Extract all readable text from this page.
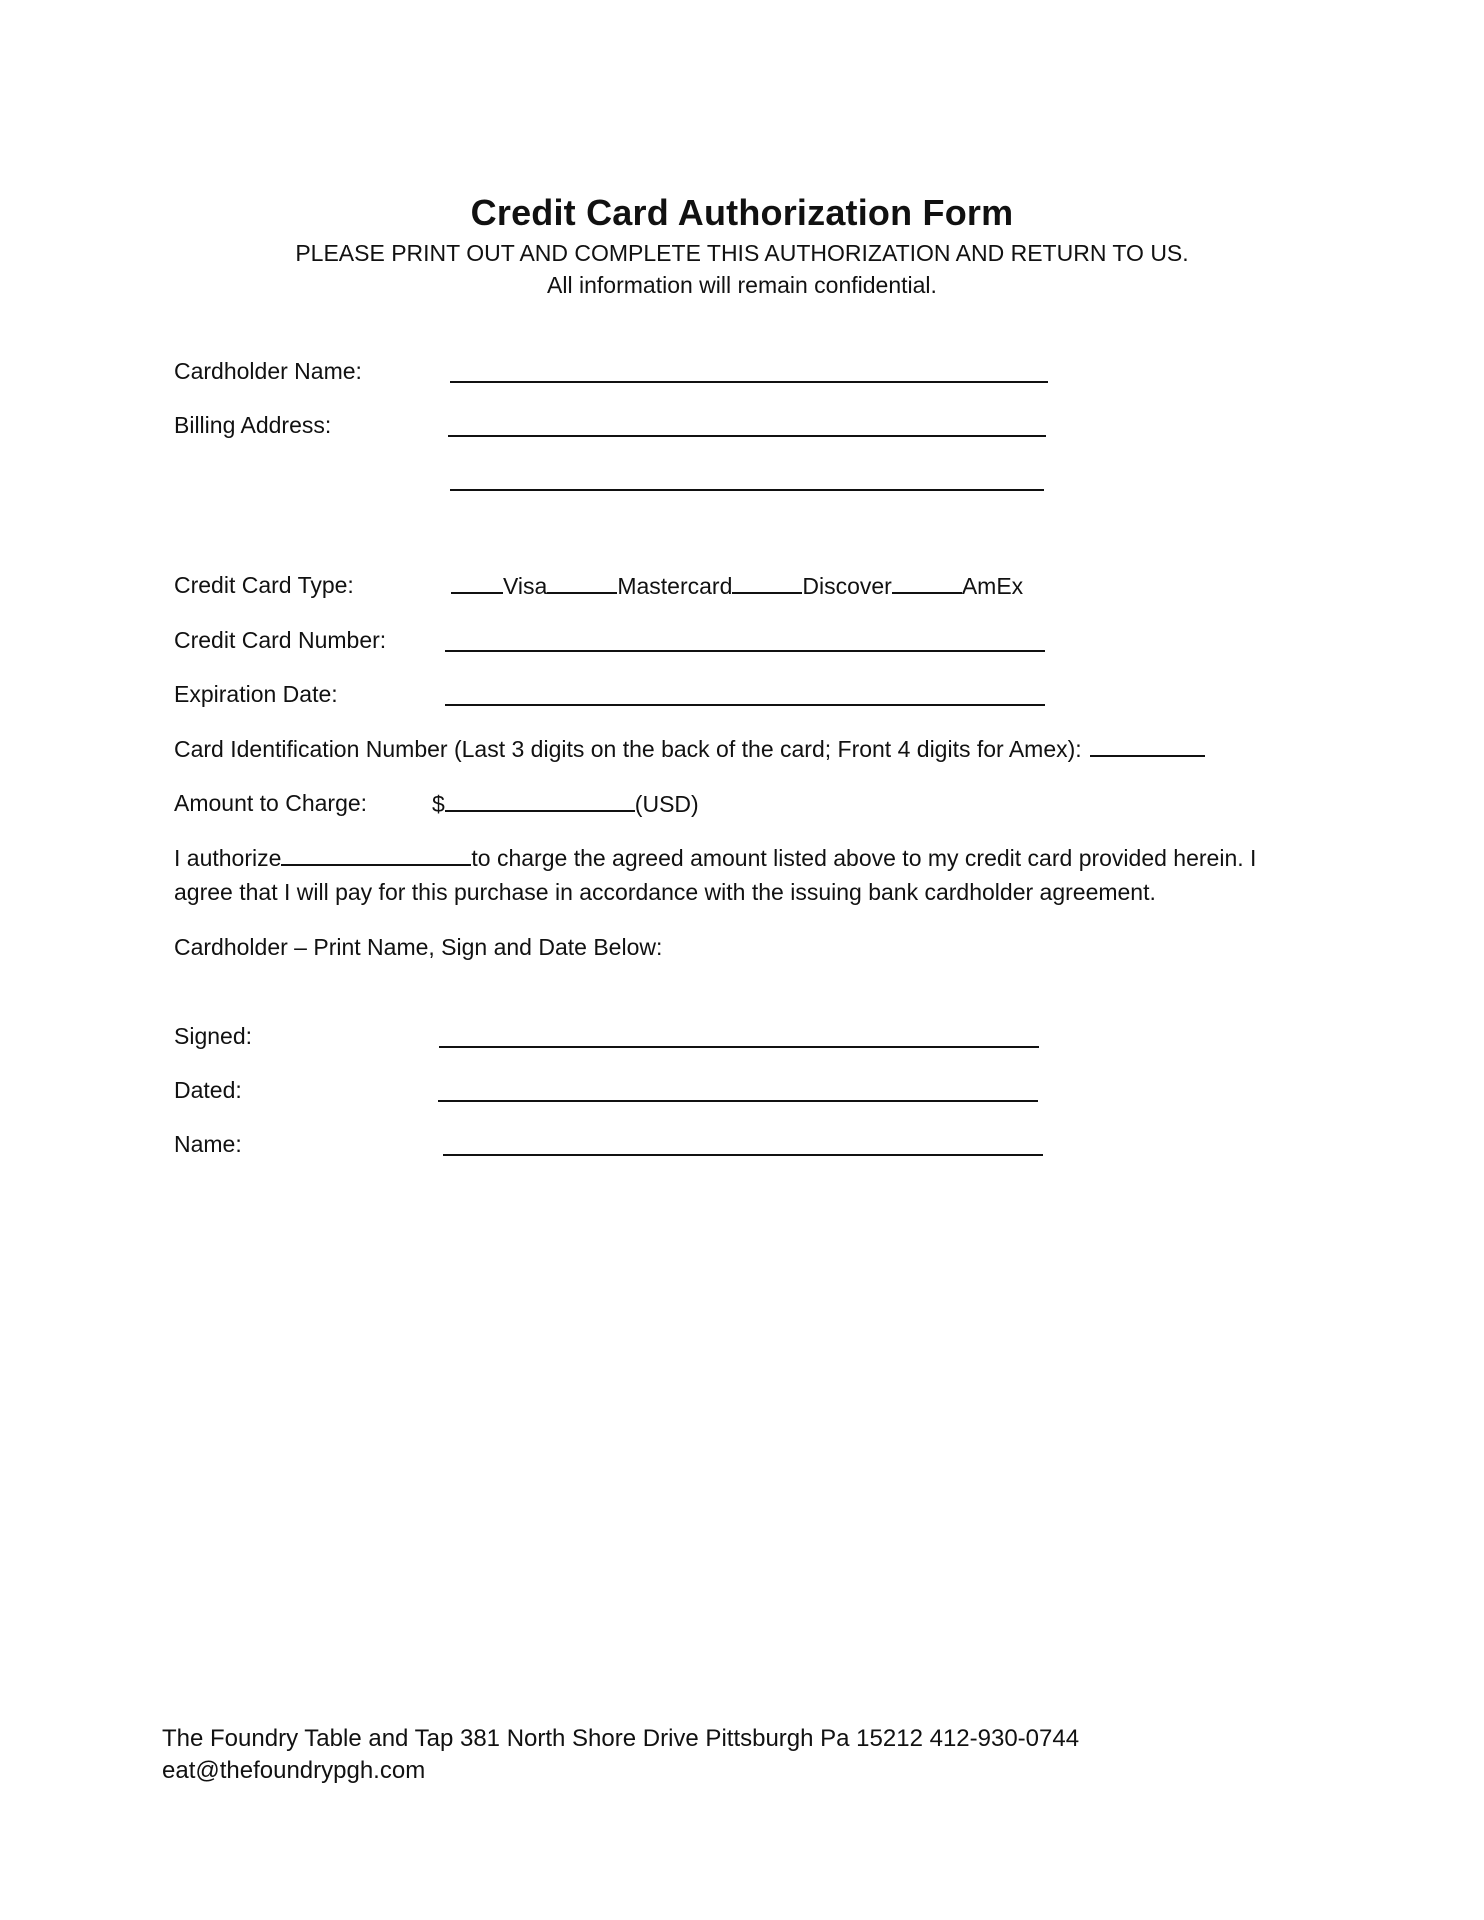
Credit Card Authorization Form
PLEASE PRINT OUT AND COMPLETE THIS AUTHORIZATION AND RETURN TO US.
All information will remain confidential.
Cardholder Name:
Billing Address:
Credit Card Type:	Visa	Mastercard	Discover	AmEx
Credit Card Number:
Expiration Date:
Card Identification Number (Last 3 digits on the back of the card; Front 4 digits for Amex):
Amount to Charge:	$	(USD)
I authorize	to charge the agreed amount listed above to my credit card provided herein. I
agree that I will pay for this purchase in accordance with the issuing bank cardholder agreement.
Cardholder – Print Name, Sign and Date Below:
Signed:
Dated:
Name:
The Foundry Table and Tap 381 North Shore Drive Pittsburgh Pa 15212 412-930-0744
eat@thefoundrypgh.com
